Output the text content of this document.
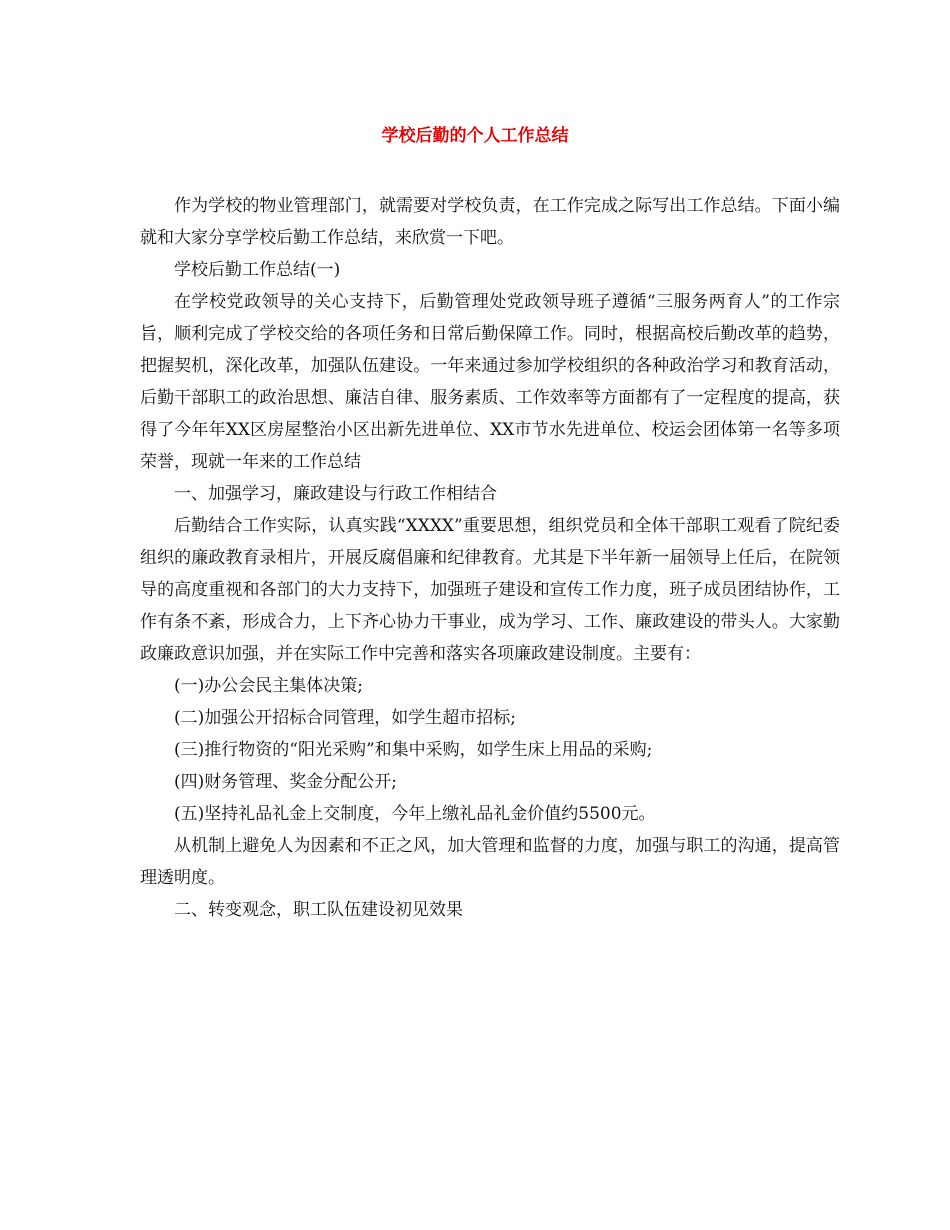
学校后勤的个人工作总结

作为学校的物业管理部门，就需要对学校负责，在工作完成之际写出工作总结。下面小编就和大家分享学校后勤工作总结，来欣赏一下吧。

学校后勤工作总结(一)

在学校党政领导的关心支持下，后勤管理处党政领导班子遵循“三服务两育人”的工作宗旨，顺利完成了学校交给的各项任务和日常后勤保障工作。同时，根据高校后勤改革的趋势，把握契机，深化改革，加强队伍建设。一年来通过参加学校组织的各种政治学习和教育活动，后勤干部职工的政治思想、廉洁自律、服务素质、工作效率等方面都有了一定程度的提高，获得了今年年XX区房屋整治小区出新先进单位、XX市节水先进单位、校运会团体第一名等多项荣誉，现就一年来的工作总结

一、加强学习，廉政建设与行政工作相结合

后勤结合工作实际，认真实践“XXXX”重要思想，组织党员和全体干部职工观看了院纪委组织的廉政教育录相片，开展反腐倡廉和纪律教育。尤其是下半年新一届领导上任后，在院领导的高度重视和各部门的大力支持下，加强班子建设和宣传工作力度，班子成员团结协作，工作有条不紊，形成合力，上下齐心协力干事业，成为学习、工作、廉政建设的带头人。大家勤政廉政意识加强，并在实际工作中完善和落实各项廉政建设制度。主要有：

(一)办公会民主集体决策;

(二)加强公开招标合同管理，如学生超市招标;

(三)推行物资的“阳光采购”和集中采购，如学生床上用品的采购;

(四)财务管理、奖金分配公开;

(五)坚持礼品礼金上交制度，今年上缴礼品礼金价值约5500元。

从机制上避免人为因素和不正之风，加大管理和监督的力度，加强与职工的沟通，提高管理透明度。

二、转变观念，职工队伍建设初见效果
